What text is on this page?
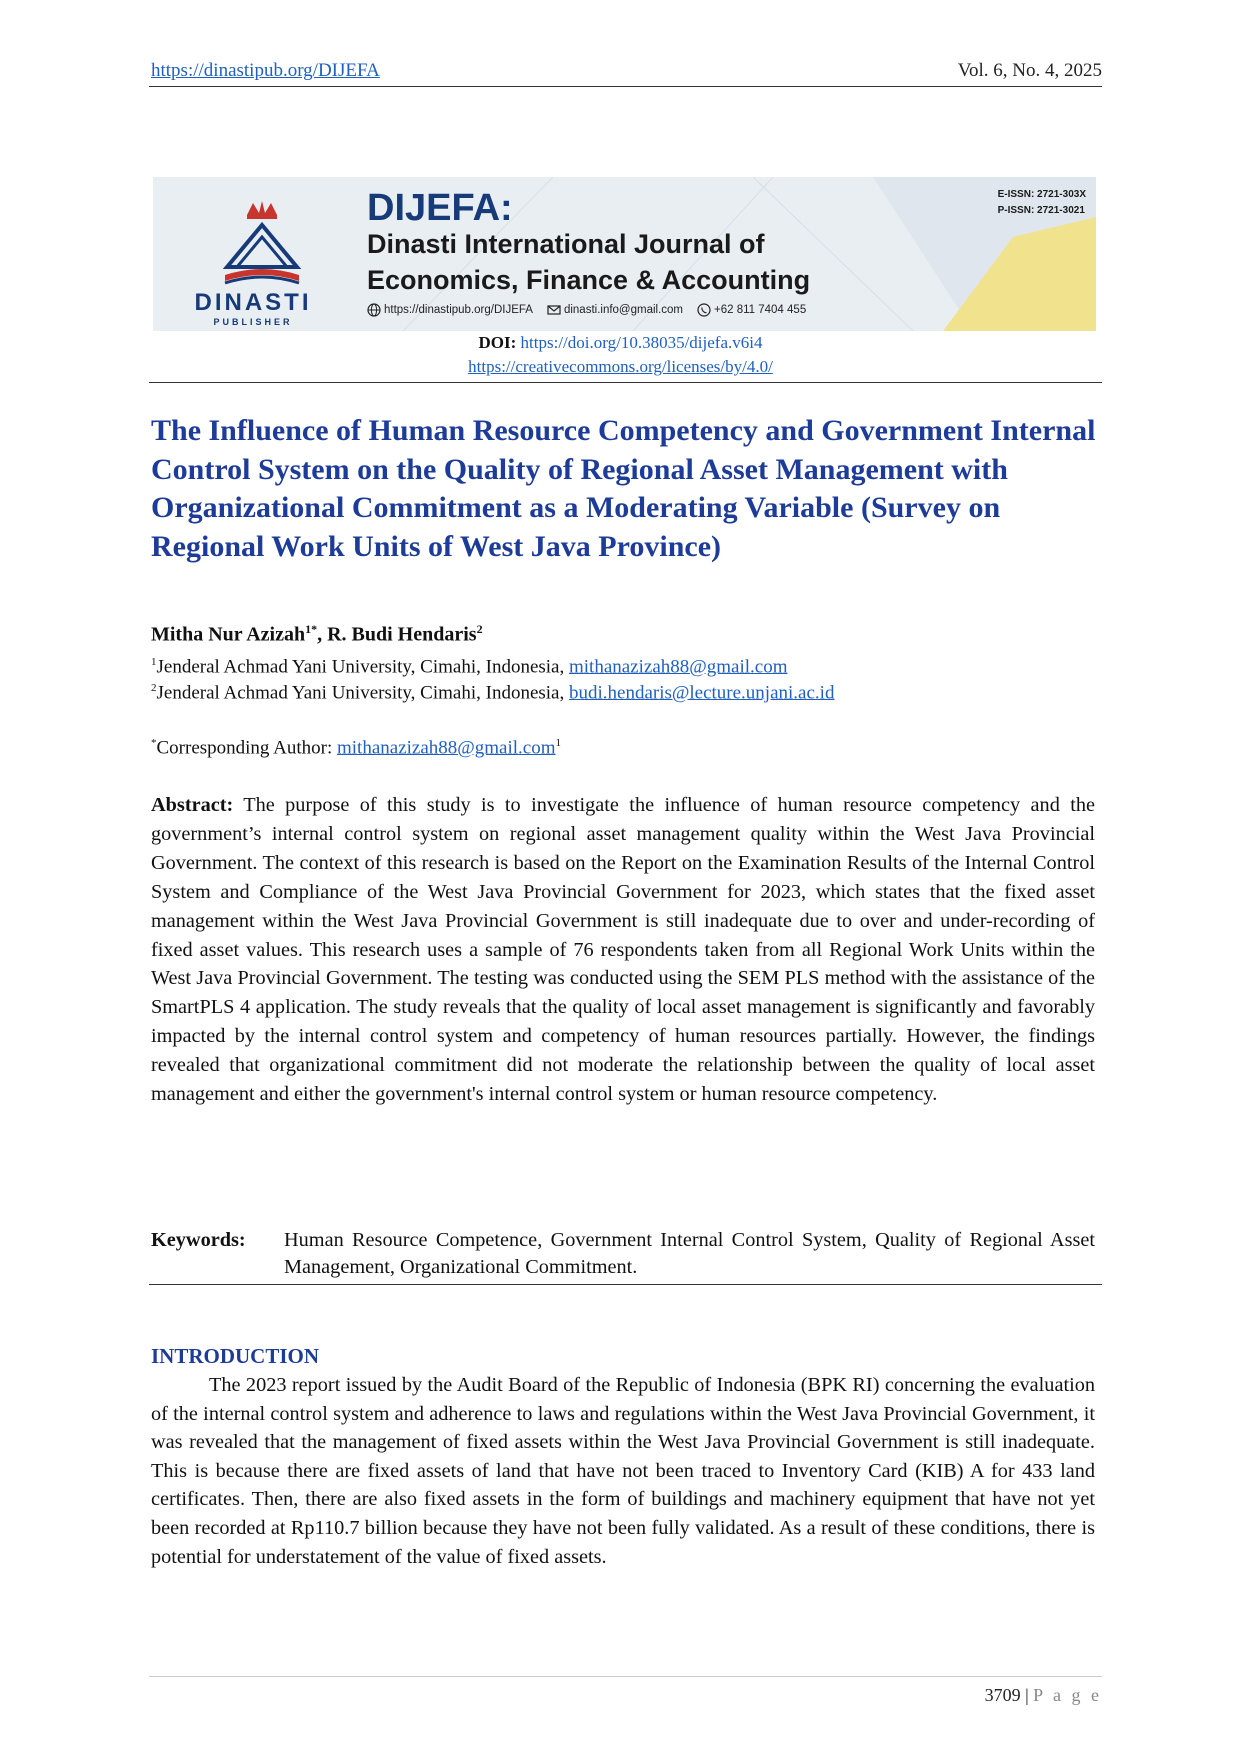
https://dinastipub.org/DIJEFA	Vol. 6, No. 4, 2025
DINASTI
PUBLISHER
DIJEFA:
Dinasti International Journal of
Economics, Finance & Accounting
https://dinastipub.org/DIJEFA	dinasti.info@gmail.com	+62 811 7404 455
E-ISSN: 2721-303X
P-ISSN: 2721-3021
DOI: https://doi.org/10.38035/dijefa.v6i4
https://creativecommons.org/licenses/by/4.0/
The Influence of Human Resource Competency and Government Internal Control System on the Quality of Regional Asset Management with Organizational Commitment as a Moderating Variable (Survey on Regional Work Units of West Java Province)
Mitha Nur Azizah$^{1*}$, R. Budi Hendaris$^2$
$^1$Jenderal Achmad Yani University, Cimahi, Indonesia, mithanazizah88@gmail.com
$^2$Jenderal Achmad Yani University, Cimahi, Indonesia, budi.hendaris@lecture.unjani.ac.id
*Corresponding Author: mithanazizah88@gmail.com$^1$
Abstract: The purpose of this study is to investigate the influence of human resource competency and the government’s internal control system on regional asset management quality within the West Java Provincial Government. The context of this research is based on the Report on the Examination Results of the Internal Control System and Compliance of the West Java Provincial Government for 2023, which states that the fixed asset management within the West Java Provincial Government is still inadequate due to over and under-recording of fixed asset values. This research uses a sample of 76 respondents taken from all Regional Work Units within the West Java Provincial Government. The testing was conducted using the SEM PLS method with the assistance of the SmartPLS 4 application. The study reveals that the quality of local asset management is significantly and favorably impacted by the internal control system and competency of human resources partially. However, the findings revealed that organizational commitment did not moderate the relationship between the quality of local asset management and either the government's internal control system or human resource competency.
Keywords:	Human Resource Competence, Government Internal Control System, Quality of Regional Asset Management, Organizational Commitment.
INTRODUCTION
The 2023 report issued by the Audit Board of the Republic of Indonesia (BPK RI) concerning the evaluation of the internal control system and adherence to laws and regulations within the West Java Provincial Government, it was revealed that the management of fixed assets within the West Java Provincial Government is still inadequate. This is because there are fixed assets of land that have not been traced to Inventory Card (KIB) A for 433 land certificates. Then, there are also fixed assets in the form of buildings and machinery equipment that have not yet been recorded at Rp110.7 billion because they have not been fully validated. As a result of these conditions, there is potential for understatement of the value of fixed assets.
3709 | P a g e
